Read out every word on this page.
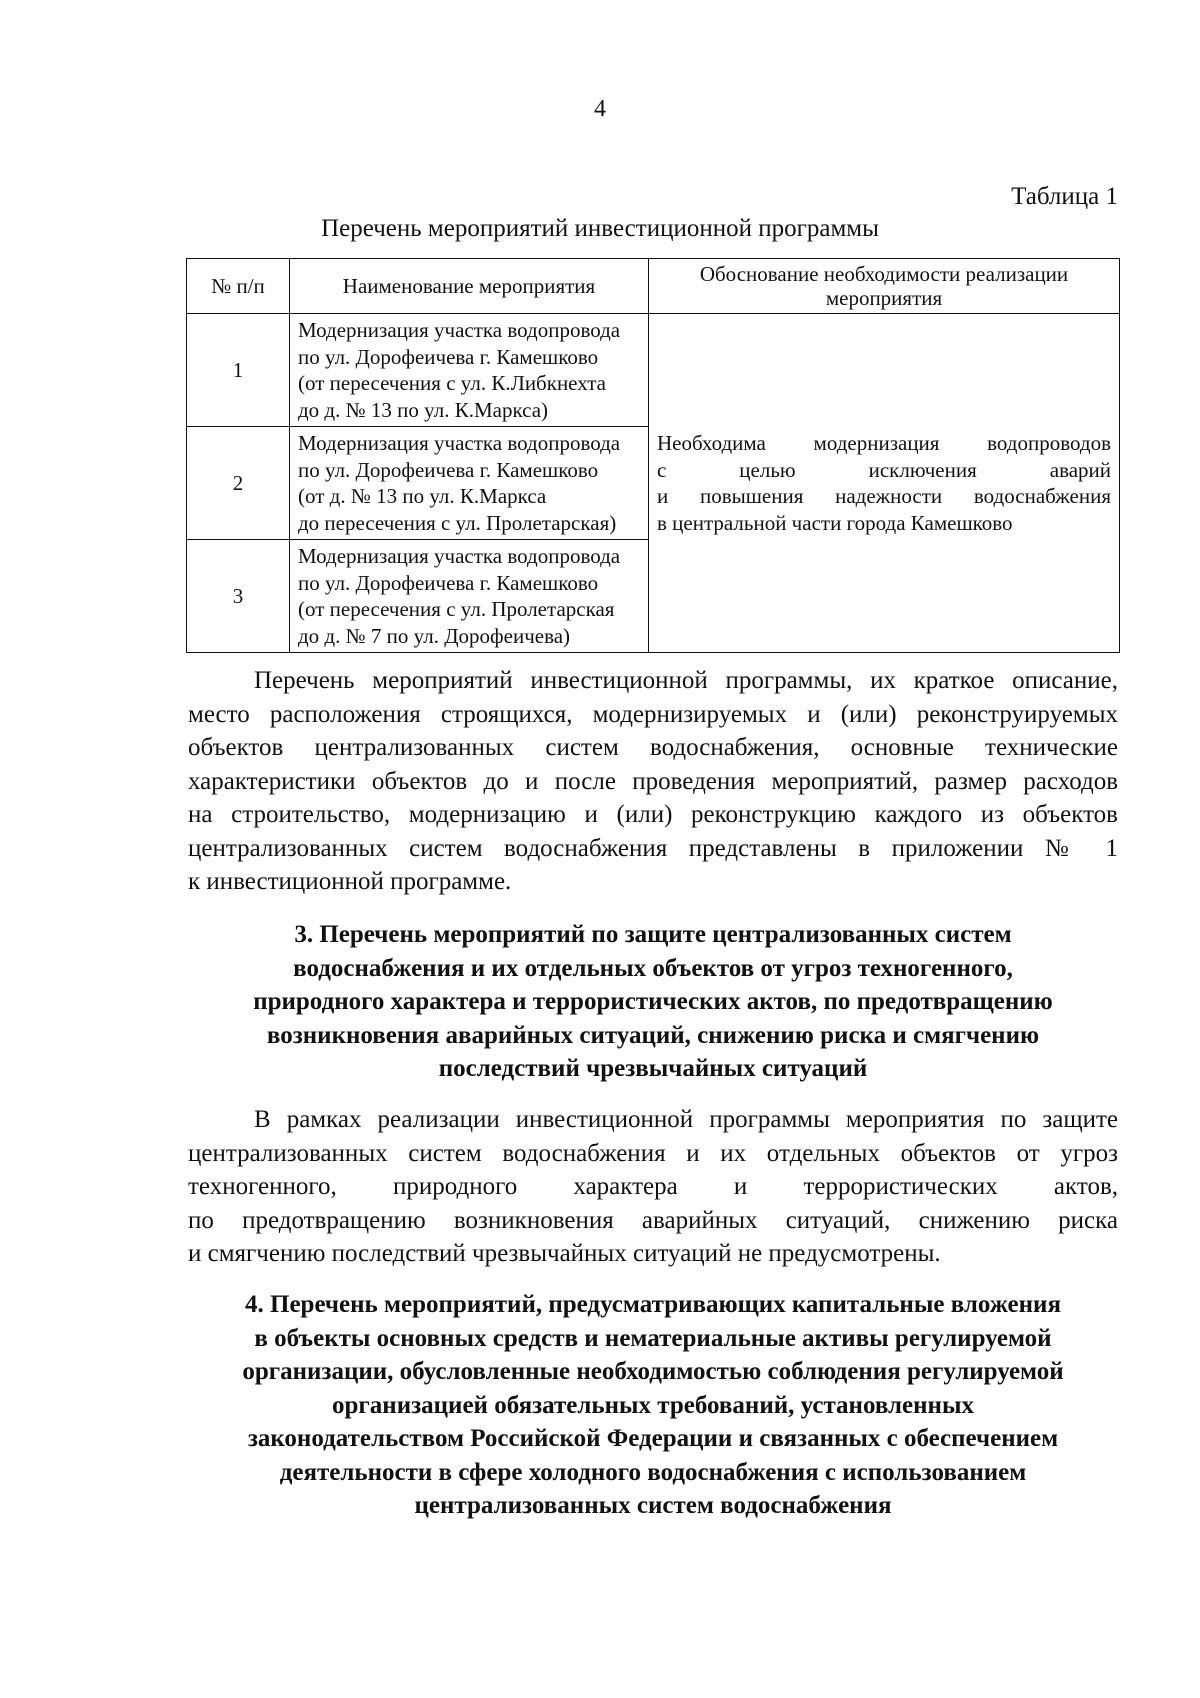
4
Таблица 1
Перечень мероприятий инвестиционной программы
№ п/п	Наименование мероприятия	Обоснование необходимости реализации мероприятия
1	Модернизация участка водопровода
по ул. Дорофеичева г. Камешково
(от пересечения с ул. К.Либкнехта
до д. № 13 по ул. К.Маркса)	Необходима модернизация водопроводов
с целью исключения аварий
и повышения надежности водоснабжения
в центральной части города Камешково

2	Модернизация участка водопровода
по ул. Дорофеичева г. Камешково
(от д. № 13 по ул. К.Маркса
до пересечения с ул. Пролетарская)	

3	Модернизация участка водопровода
по ул. Дорофеичева г. Камешково
(от пересечения с ул. Пролетарская
до д. № 7 по ул. Дорофеичева)	
Перечень мероприятий инвестиционной программы, их краткое описание,
место расположения строящихся, модернизируемых и (или) реконструируемых
объектов централизованных систем водоснабжения, основные технические
характеристики объектов до и после проведения мероприятий, размер расходов
на строительство, модернизацию и (или) реконструкцию каждого из объектов
централизованных систем водоснабжения представлены в приложении № 1
к инвестиционной программе.
3. Перечень мероприятий по защите централизованных систем
водоснабжения и их отдельных объектов от угроз техногенного,
природного характера и террористических актов, по предотвращению
возникновения аварийных ситуаций, снижению риска и смягчению
последствий чрезвычайных ситуаций
В рамках реализации инвестиционной программы мероприятия по защите
централизованных систем водоснабжения и их отдельных объектов от угроз
техногенного, природного характера и террористических актов,
по предотвращению возникновения аварийных ситуаций, снижению риска
и смягчению последствий чрезвычайных ситуаций не предусмотрены.
4. Перечень мероприятий, предусматривающих капитальные вложения
в объекты основных средств и нематериальные активы регулируемой
организации, обусловленные необходимостью соблюдения регулируемой
организацией обязательных требований, установленных
законодательством Российской Федерации и связанных с обеспечением
деятельности в сфере холодного водоснабжения с использованием
централизованных систем водоснабжения
